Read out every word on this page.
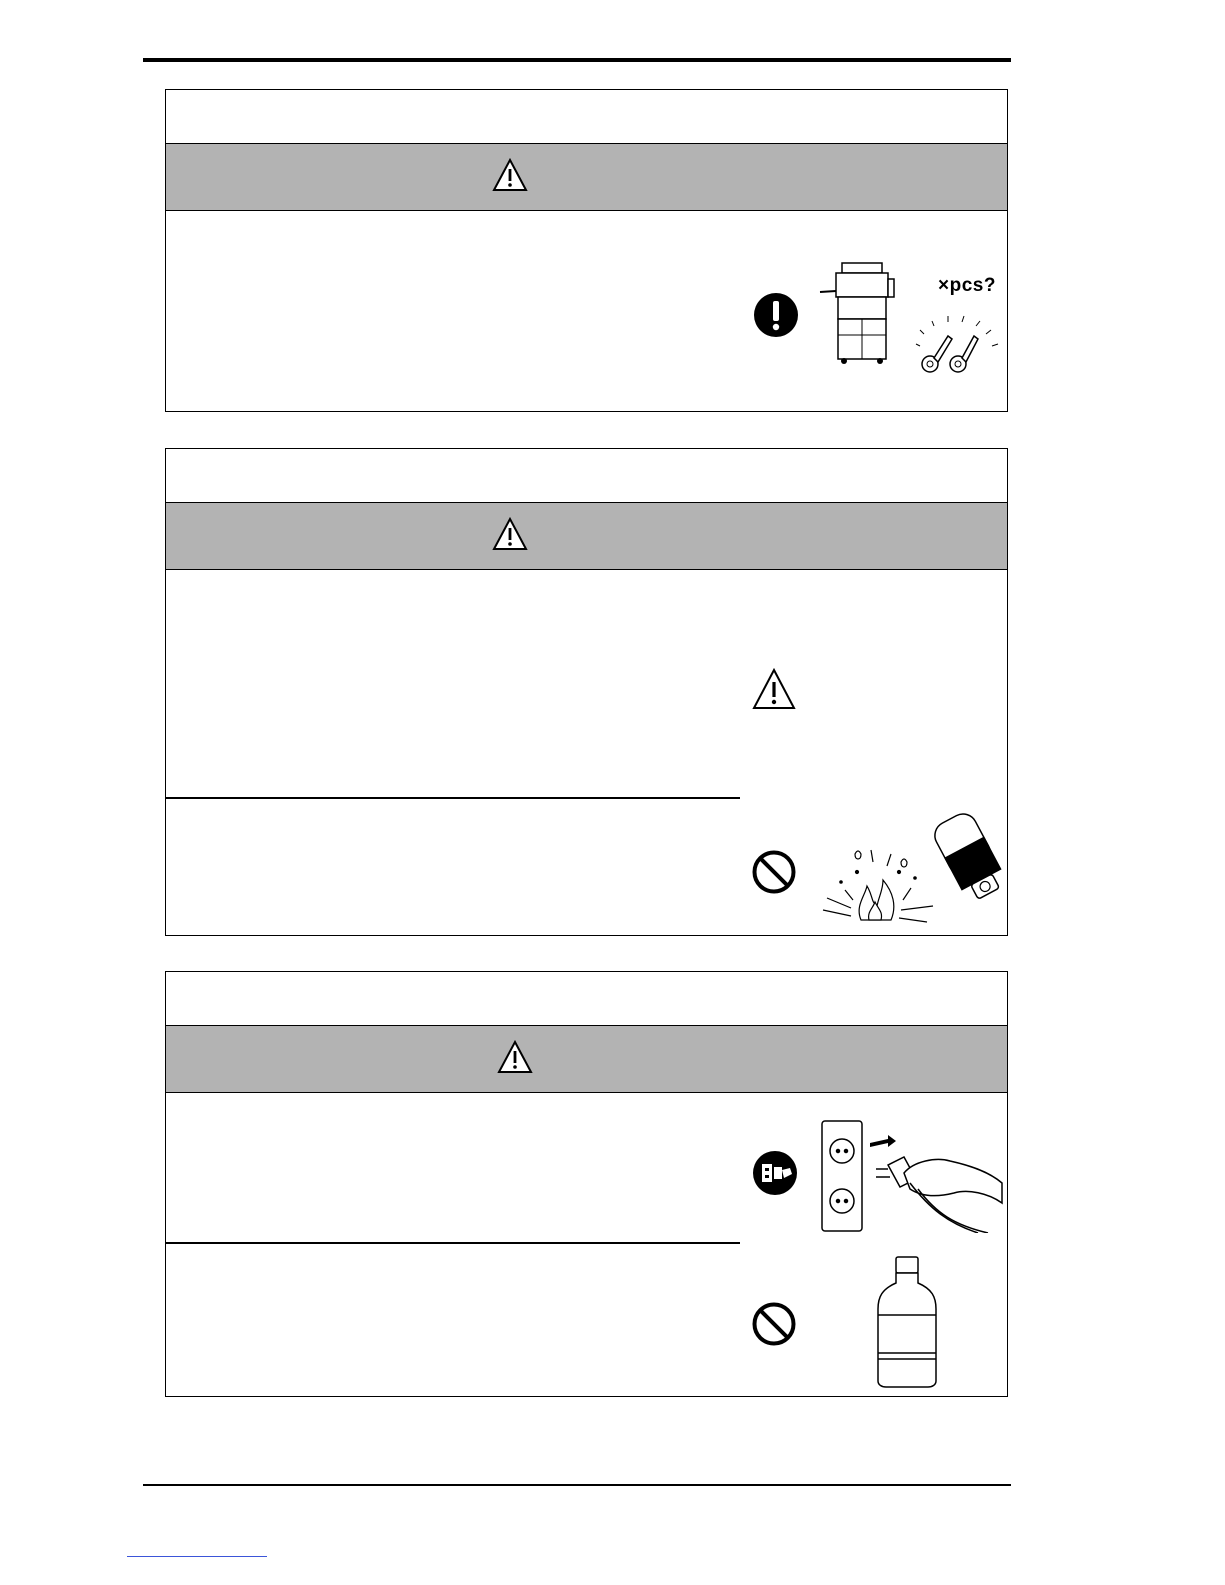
×pcs?
